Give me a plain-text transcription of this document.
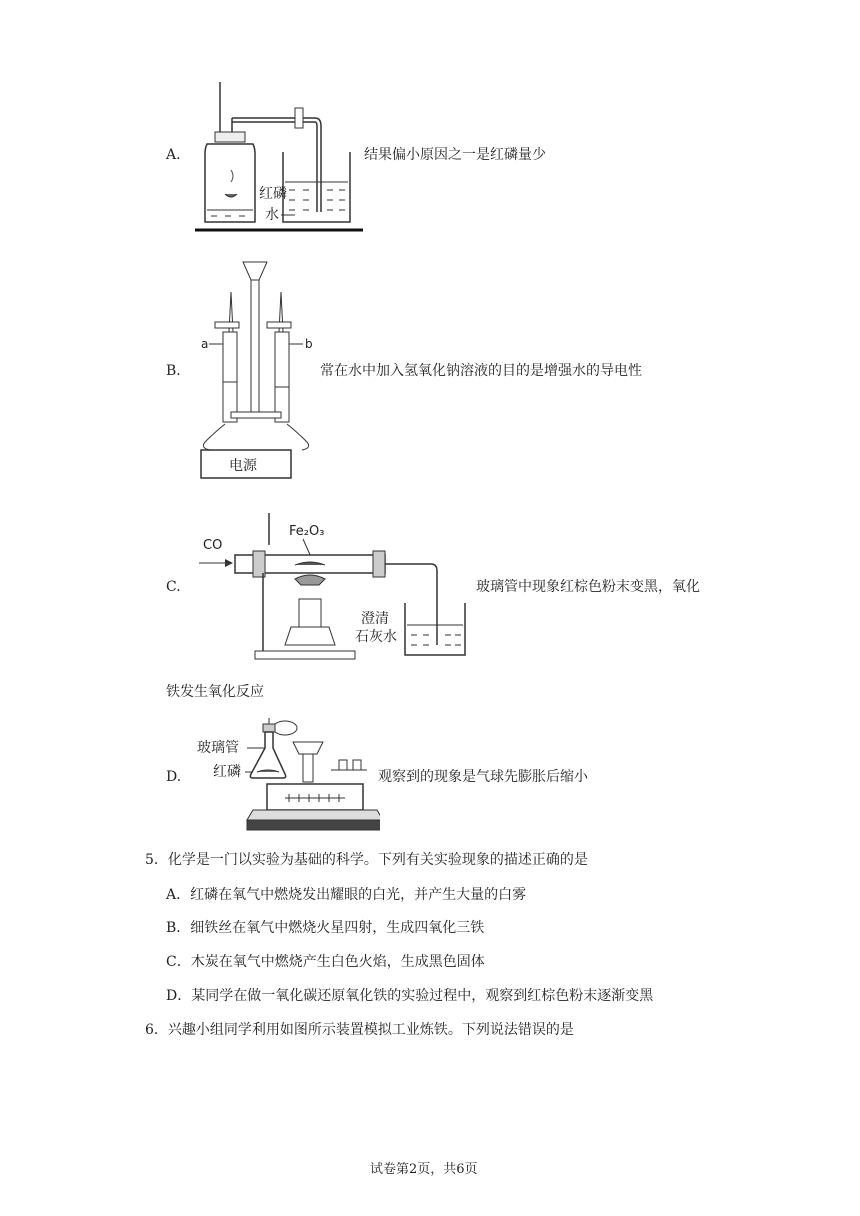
A.
红磷
水
结果偏小原因之一是红磷量少
B.
a	b
电源
常在水中加入氢氧化钠溶液的目的是增强水的导电性
C.
CO
Fe₂O₃
澄清
石灰水
玻璃管中现象红棕色粉末变黑，氧化
铁发生氧化反应
D.
玻璃管
红磷	观察到的现象是气球先膨胀后缩小
5．化学是一门以实验为基础的科学。下列有关实验现象的描述正确的是
A．红磷在氧气中燃烧发出耀眼的白光，并产生大量的白雾
B．细铁丝在氧气中燃烧火星四射，生成四氧化三铁
C．木炭在氧气中燃烧产生白色火焰，生成黑色固体
D．某同学在做一氧化碳还原氧化铁的实验过程中，观察到红棕色粉末逐渐变黑
6．兴趣小组同学利用如图所示装置模拟工业炼铁。下列说法错误的是
试卷第2页，共6页
